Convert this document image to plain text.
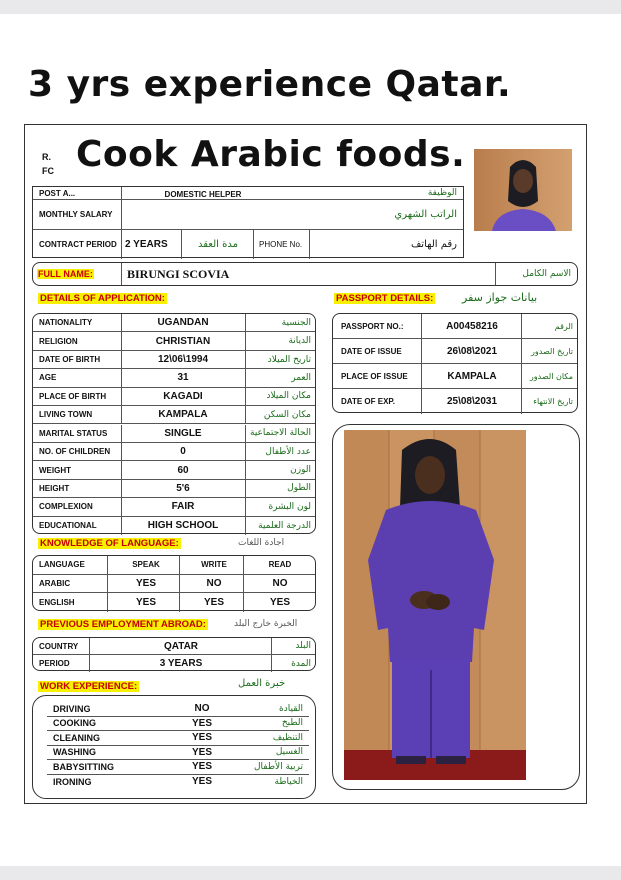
3 yrs experience Qatar.
R.
FC Cook Arabic foods.
POST A...	DOMESTIC HELPER	الوظيفة
MONTHLY SALARY	الراتب الشهري
CONTRACT PERIOD 2 YEARS	مدة العقد	PHONE No.	رقم الهاتف
FULL NAME:	BIRUNGI SCOVIA	الاسم الكامل
DETAILS OF APPLICATION:	PASSPORT DETAILS:	بيانات جواز سفر
NATIONALITY	UGANDAN	الجنسية
RELIGION	CHRISTIAN	الديانة
DATE OF BIRTH	12\06\1994	تاريخ الميلاد
AGE	31	العمر
PLACE OF BIRTH	KAGADI	مكان الميلاد
LIVING TOWN	KAMPALA	مكان السكن
MARITAL STATUS	SINGLE	الحالة الاجتماعية
NO. OF CHILDREN	0	عدد الأطفال
WEIGHT	60	الوزن
HEIGHT	5'6	الطول
COMPLEXION	FAIR	لون البشرة
EDUCATIONAL	HIGH SCHOOL	الدرجة العلمية
PASSPORT NO.:	A00458216	الرقم
DATE OF ISSUE	26\08\2021	تاريخ الصدور
PLACE OF ISSUE	KAMPALA	مكان الصدور
DATE OF EXP.	25\08\2031	تاريخ الانتهاء
KNOWLEDGE OF LANGUAGE:	اجادة اللغات
LANGUAGE	SPEAK	WRITE	READ
ARABIC	YES	NO	NO
ENGLISH	YES	YES	YES
PREVIOUS EMPLOYMENT ABROAD:	الخبرة خارج البلد
COUNTRY	QATAR	البلد
PERIOD	3 YEARS	المدة
WORK EXPERIENCE:	خبرة العمل
DRIVING	NO	القيادة
COOKING	YES	الطبخ
CLEANING	YES	التنظيف
WASHING	YES	الغسيل
BABYSITTING	YES	تربية الأطفال
IRONING	YES	الخياطة
